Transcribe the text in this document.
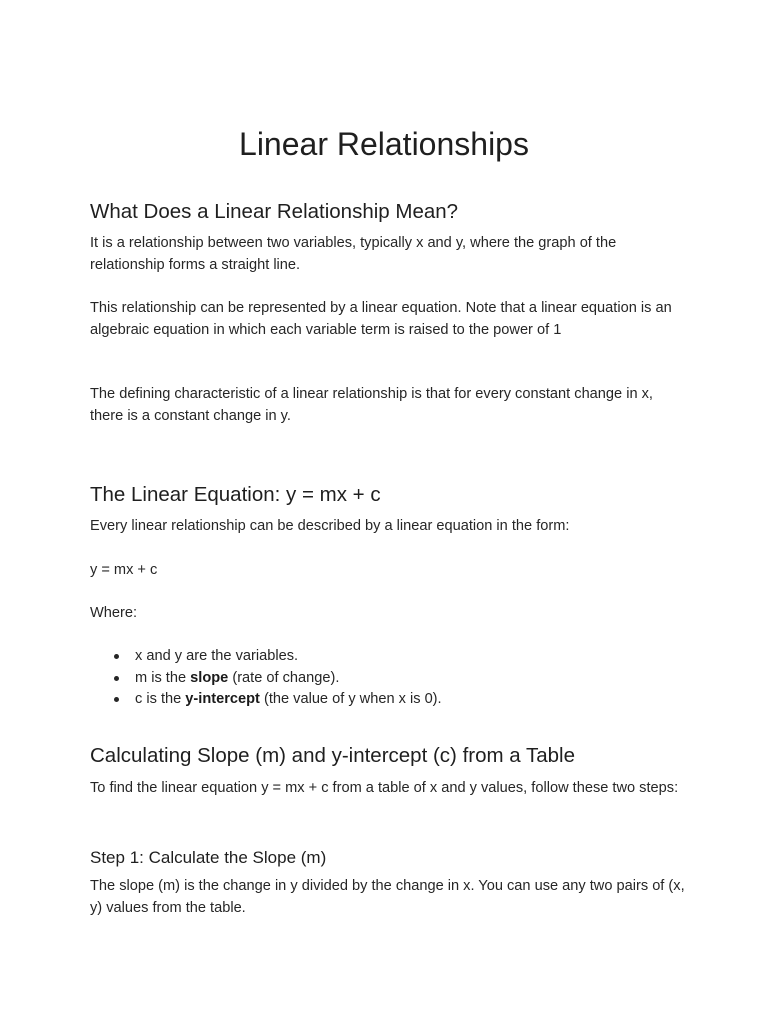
Linear Relationships
What Does a Linear Relationship Mean?

It is a relationship between two variables, typically x and y, where the graph of the relationship forms a straight line.

This relationship can be represented by a linear equation. Note that a linear equation is an algebraic equation in which each variable term is raised to the power of 1

The defining characteristic of a linear relationship is that for every constant change in x, there is a constant change in y.

The Linear Equation: y = mx + c

Every linear relationship can be described by a linear equation in the form:

y = mx + c

Where:

x and y are the variables.
m is the slope (rate of change).
c is the y-intercept (the value of y when x is 0).
Calculating Slope (m) and y-intercept (c) from a Table

To find the linear equation y = mx + c from a table of x and y values, follow these two steps:

Step 1: Calculate the Slope (m)

The slope (m) is the change in y divided by the change in x. You can use any two pairs of (x, y) values from the table.
